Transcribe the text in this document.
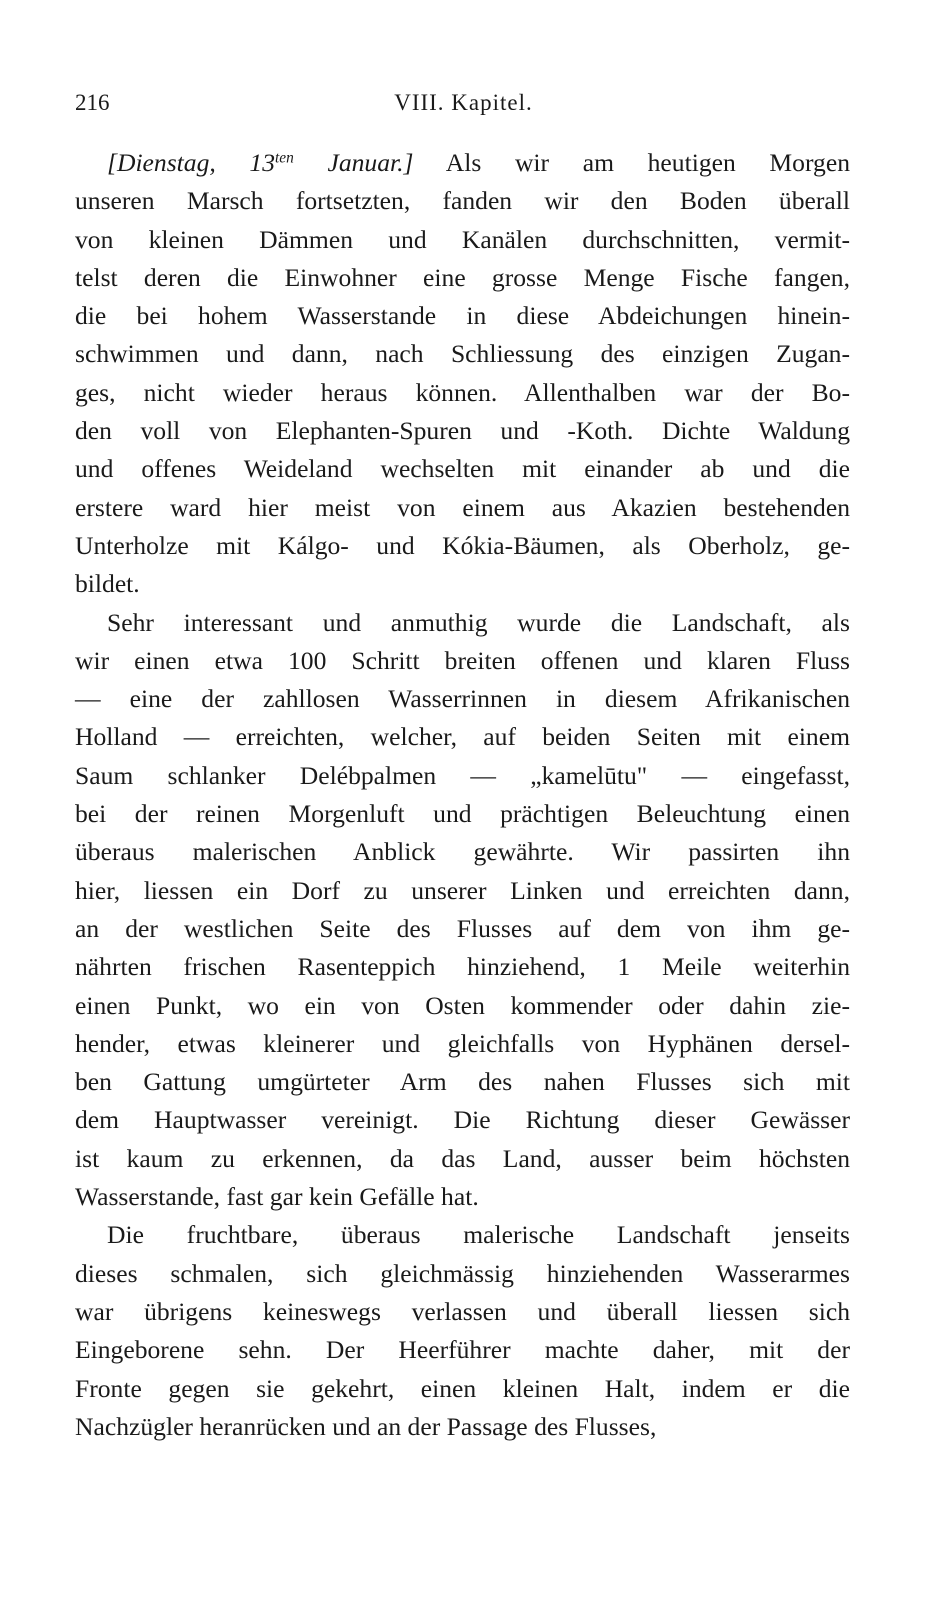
216	VIII. Kapitel.
[Dienstag, $13^{ten}$ Januar.] Als wir am heutigen Morgen
unseren Marsch fortsetzten, fanden wir den Boden überall
von kleinen Dämmen und Kanälen durchschnitten, vermit-
telst deren die Einwohner eine grosse Menge Fische fangen,
die bei hohem Wasserstande in diese Abdeichungen hinein-
schwimmen und dann, nach Schliessung des einzigen Zugan-
ges, nicht wieder heraus können. Allenthalben war der Bo-
den voll von Elephanten-Spuren und -Koth. Dichte Waldung
und offenes Weideland wechselten mit einander ab und die
erstere ward hier meist von einem aus Akazien bestehenden
Unterholze mit Kálgo- und Kókia-Bäumen, als Oberholz, ge-
bildet.
Sehr interessant und anmuthig wurde die Landschaft, als
wir einen etwa 100 Schritt breiten offenen und klaren Fluss
— eine der zahllosen Wasserrinnen in diesem Afrikanischen
Holland — erreichten, welcher, auf beiden Seiten mit einem
Saum schlanker Delébpalmen — „kamelūtu" — eingefasst,
bei der reinen Morgenluft und prächtigen Beleuchtung einen
überaus malerischen Anblick gewährte. Wir passirten ihn
hier, liessen ein Dorf zu unserer Linken und erreichten dann,
an der westlichen Seite des Flusses auf dem von ihm ge-
nährten frischen Rasenteppich hinziehend, 1 Meile weiterhin
einen Punkt, wo ein von Osten kommender oder dahin zie-
hender, etwas kleinerer und gleichfalls von Hyphänen dersel-
ben Gattung umgürteter Arm des nahen Flusses sich mit
dem Hauptwasser vereinigt. Die Richtung dieser Gewässer
ist kaum zu erkennen, da das Land, ausser beim höchsten
Wasserstande, fast gar kein Gefälle hat.
Die fruchtbare, überaus malerische Landschaft jenseits
dieses schmalen, sich gleichmässig hinziehenden Wasserarmes
war übrigens keineswegs verlassen und überall liessen sich
Eingeborene sehn. Der Heerführer machte daher, mit der
Fronte gegen sie gekehrt, einen kleinen Halt, indem er die
Nachzügler heranrücken und an der Passage des Flusses,
